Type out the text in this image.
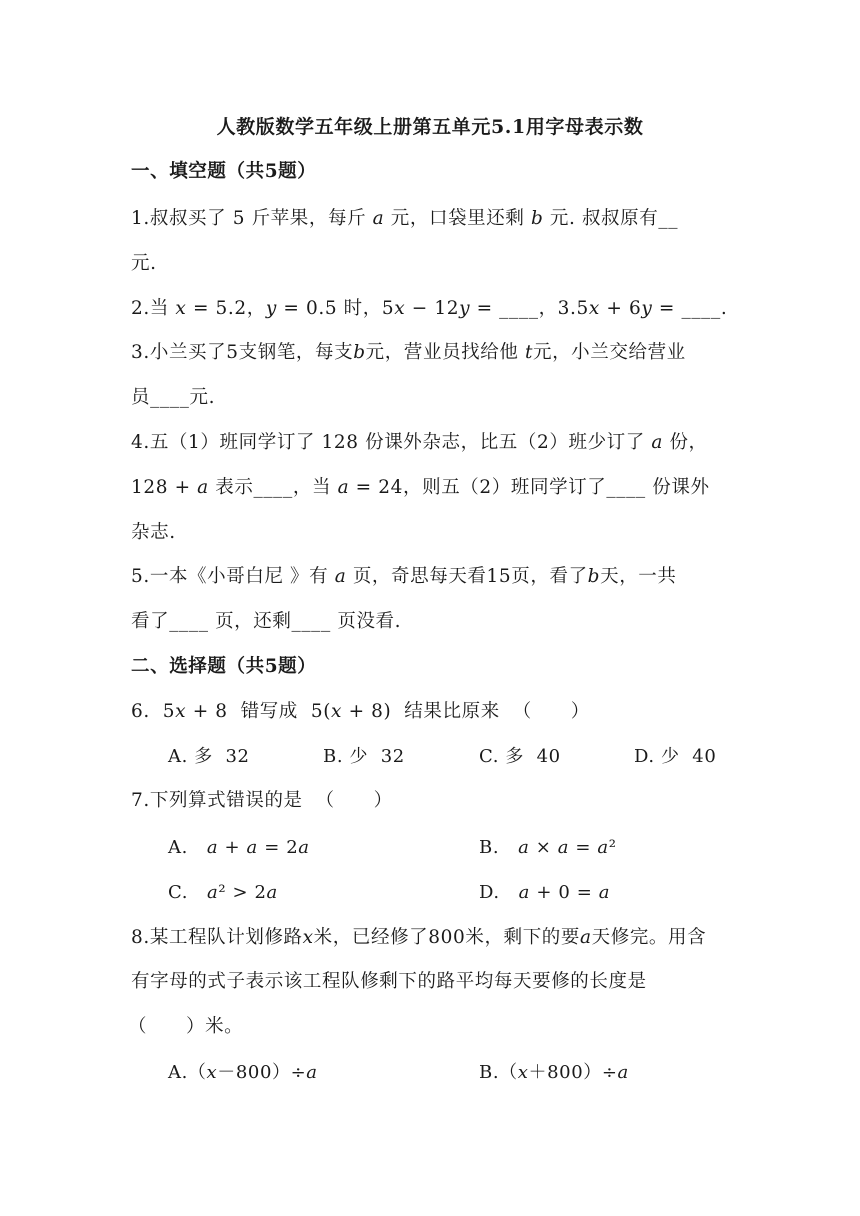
人教版数学五年级上册第五单元5.1用字母表示数

一、填空题（共5题）

1.叔叔买了 5 斤苹果，每斤 𝑎 元，口袋里还剩 𝑏 元. 叔叔原有__

元.

2.当 𝑥 = 5.2，𝑦 = 0.5 时，5𝑥 − 12𝑦 = ____，3.5𝑥 + 6𝑦 = ____.

3.小兰买了5支钢笔，每支𝑏元，营业员找给他 𝑡元，小兰交给营业

员____元.

4.五（1）班同学订了 128 份课外杂志，比五（2）班少订了 𝑎 份，

128 + 𝑎 表示____，当 𝑎 = 24，则五（2）班同学订了____ 份课外

杂志.

5.一本《小哥白尼 》有 𝑎 页，奇思每天看15页，看了𝑏天，一共

看了____ 页，还剩____ 页没看.

二、选择题（共5题）

6.  5𝑥 + 8  错写成  5(𝑥 + 8)  结果比原来  （      ）

A. 多  32	B. 少  32	C. 多  40	D. 少  40

7.下列算式错误的是  （      ）

A.   𝑎 + 𝑎 = 2𝑎	B.   𝑎 × 𝑎 = 𝑎²
C.   𝑎² > 2𝑎	D.   𝑎 + 0 = 𝑎

8.某工程队计划修路𝑥米，已经修了800米，剩下的要𝑎天修完。用含

有字母的式子表示该工程队修剩下的路平均每天要修的长度是

（      ）米。

A.（𝑥－800）÷𝑎	B.（𝑥＋800）÷𝑎
